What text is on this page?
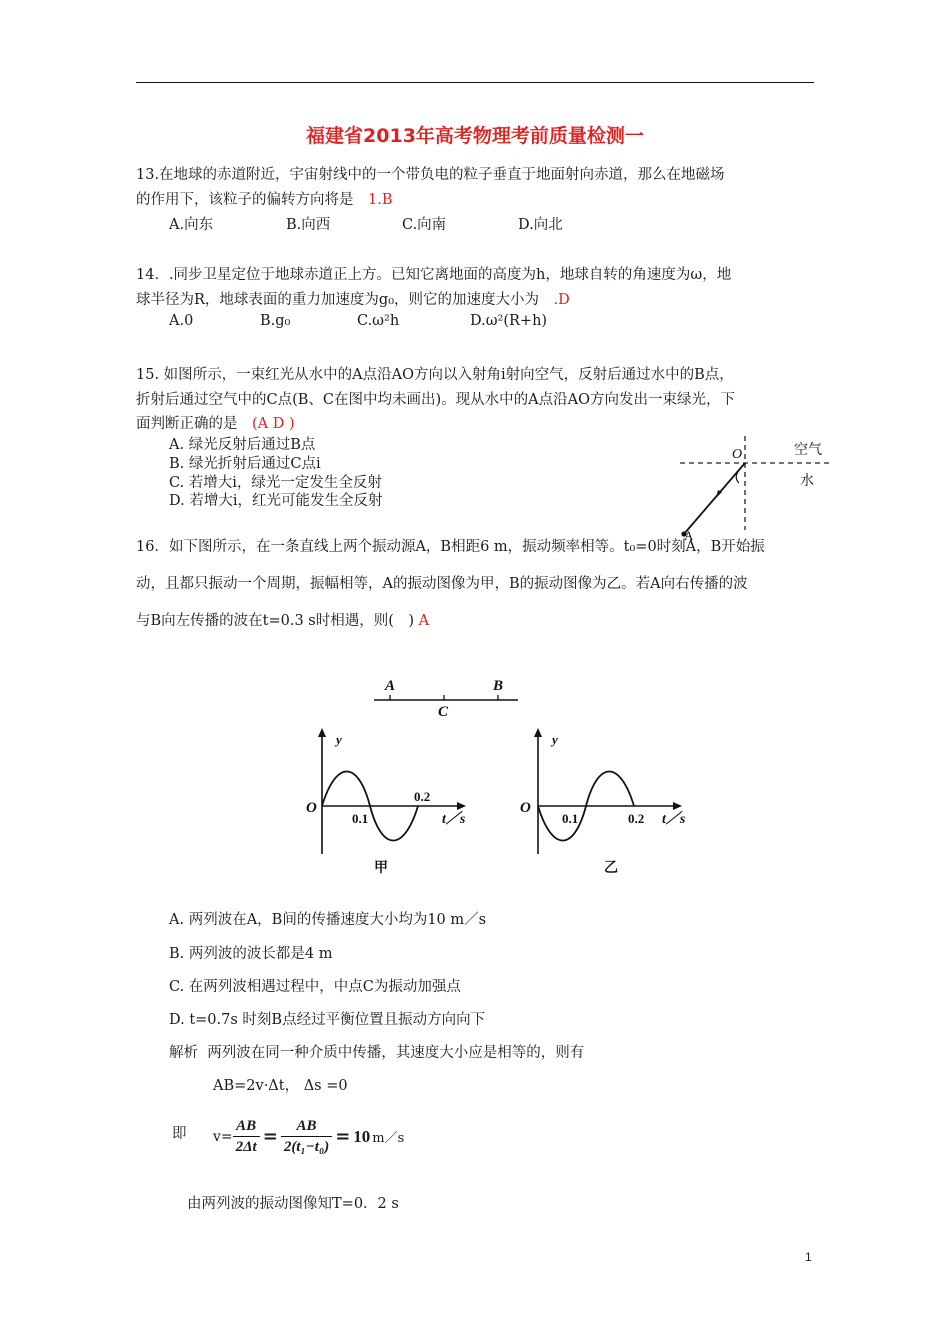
福建省2013年高考物理考前质量检测一
13.在地球的赤道附近，宇宙射线中的一个带负电的粒子垂直于地面射向赤道，那么在地磁场
的作用下，该粒子的偏转方向将是　 1.B
A.向东	B.向西	C.向南	D.向北
14．.同步卫星定位于地球赤道正上方。已知它离地面的高度为h，地球自转的角速度为ω，地
球半径为R，地球表面的重力加速度为g₀，则它的加速度大小为　 .D
A.0	B.g₀	C.ω²h	D.ω²(R+h)
15. 如图所示，一束红光从水中的A点沿AO方向以入射角i射向空气，反射后通过水中的B点，
折射后通过空气中的C点(B、C在图中均未画出)。现从水中的A点沿AO方向发出一束绿光，下
面判断正确的是　 (A D )
A. 绿光反射后通过B点
B. 绿光折射后通过C点i
C. 若增大i，绿光一定发生全反射
D. 若增大i，红光可能发生全反射
O
A
空气
水
16．如下图所示，在一条直线上两个振动源A，B相距6 m，振动频率相等。t₀=0时刻A，B开始振
动，且都只振动一个周期，振幅相等，A的振动图像为甲，B的振动图像为乙。若A向右传播的波
与B向左传播的波在t=0.3 s时相遇，则(　) A
A	B
C
y
O
0.1
0.2
t／s
甲
y
O
0.1	0.2 t／s
乙
A. 两列波在A，B间的传播速度大小均为10 m／s
B. 两列波的波长都是4 m
C. 在两列波相遇过程中，中点C为振动加强点
D. t=0.7s 时刻B点经过平衡位置且振动方向向下
解析 两列波在同一种介质中传播，其速度大小应是相等的，则有
AB=2v·Δt， Δs =0
即 $v= \frac{AB}{2\Delta t} = \frac{AB}{\text{2(t₁−t₀)}} = 10$ m／s
由两列波的振动图像知T=0．2 s
1
